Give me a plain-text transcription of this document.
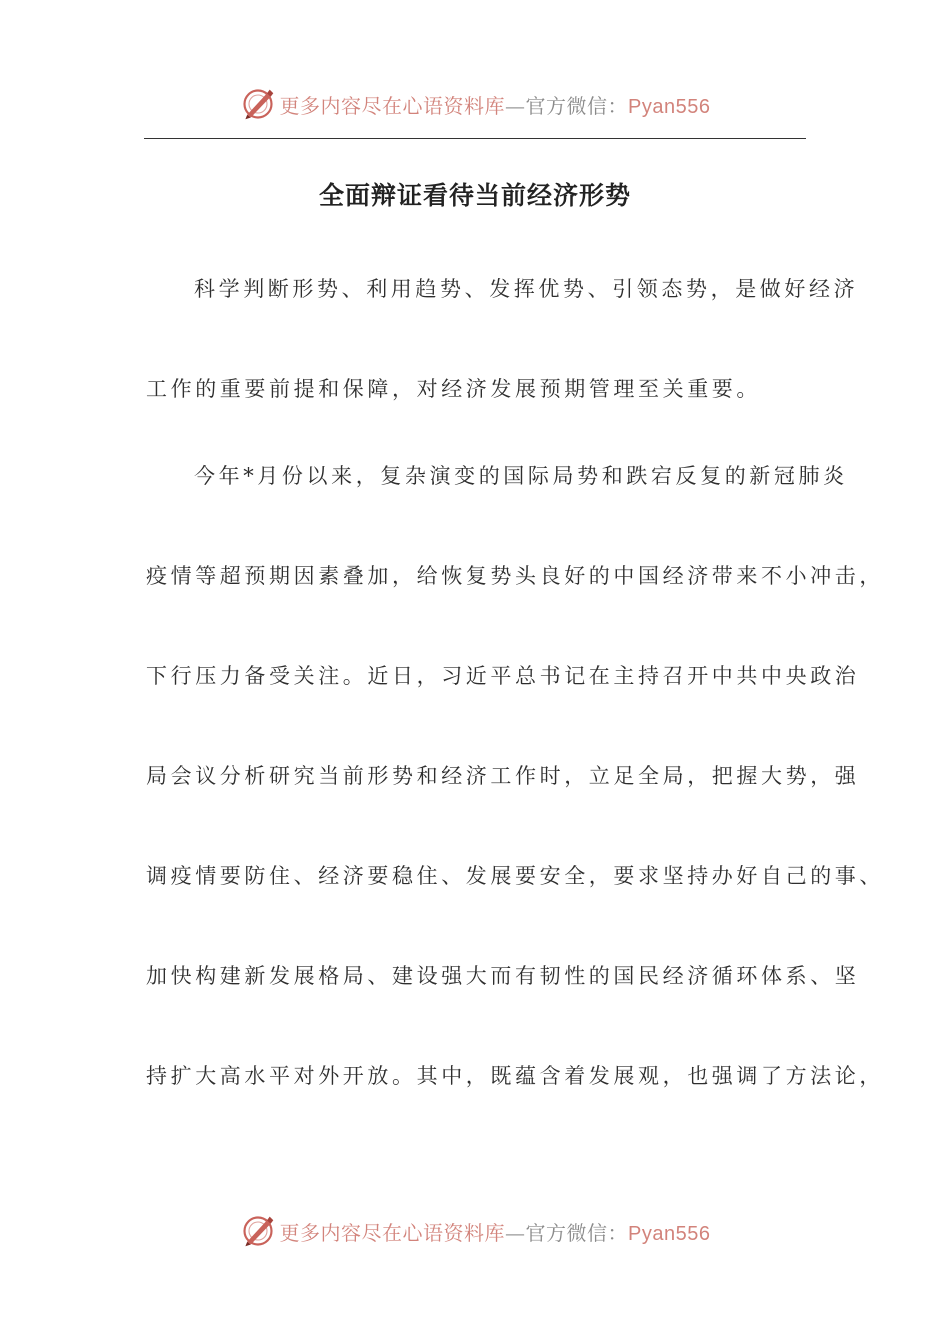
更多内容尽在心语资料库—官方微信：Pyan556
全面辩证看待当前经济形势
科学判断形势、利用趋势、发挥优势、引领态势，是做好经济
工作的重要前提和保障，对经济发展预期管理至关重要。
今年*月份以来，复杂演变的国际局势和跌宕反复的新冠肺炎
疫情等超预期因素叠加，给恢复势头良好的中国经济带来不小冲击，
下行压力备受关注。近日，习近平总书记在主持召开中共中央政治
局会议分析研究当前形势和经济工作时，立足全局，把握大势，强
调疫情要防住、经济要稳住、发展要安全，要求坚持办好自己的事、
加快构建新发展格局、建设强大而有韧性的国民经济循环体系、坚
持扩大高水平对外开放。其中，既蕴含着发展观，也强调了方法论，
更多内容尽在心语资料库—官方微信：Pyan556
